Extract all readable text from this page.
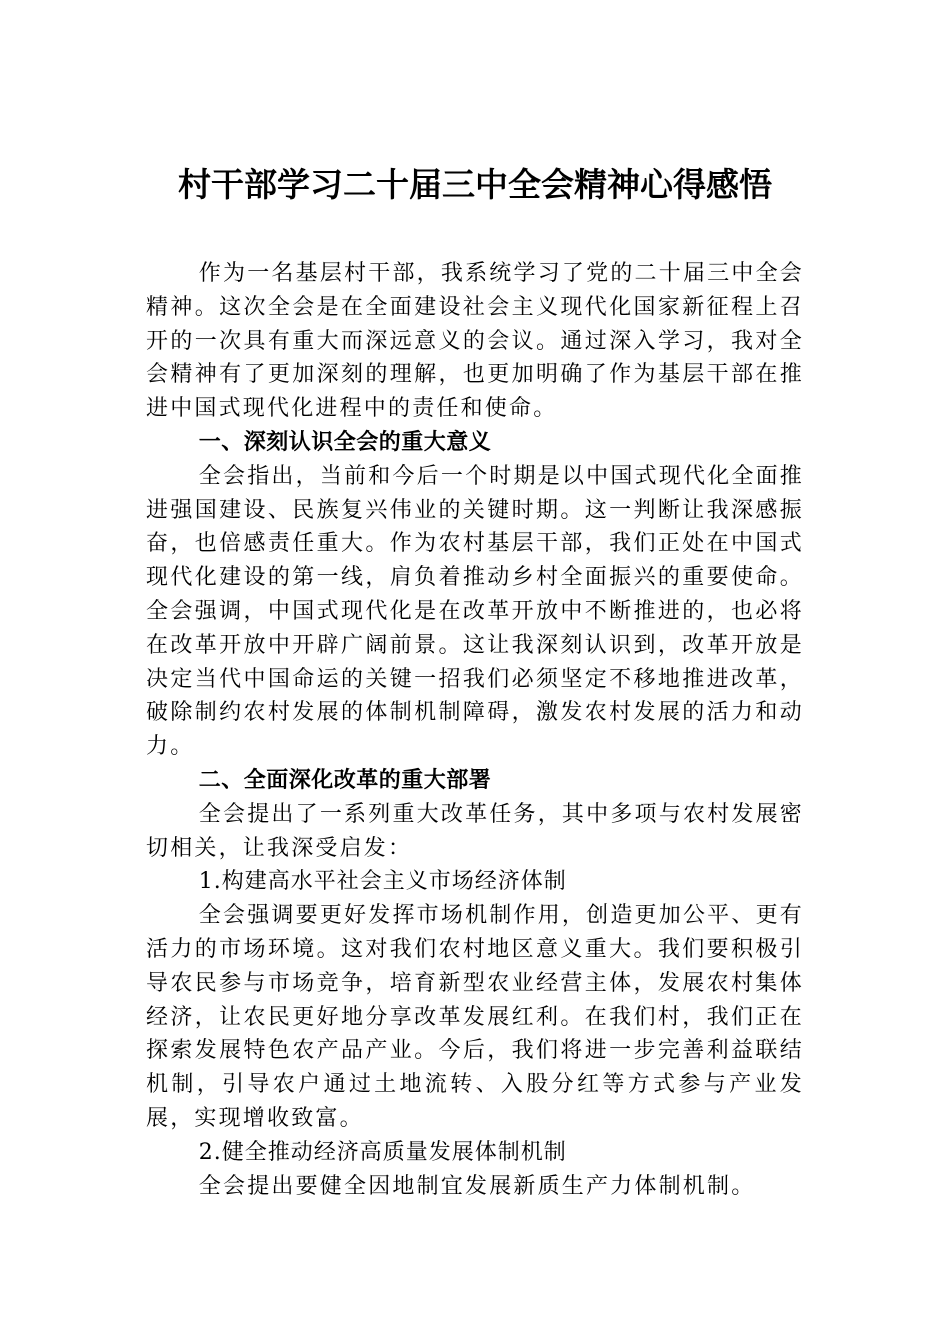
村干部学习二十届三中全会精神心得感悟

作为一名基层村干部，我系统学习了党的二十届三中全会精神。这次全会是在全面建设社会主义现代化国家新征程上召开的一次具有重大而深远意义的会议。通过深入学习，我对全会精神有了更加深刻的理解，也更加明确了作为基层干部在推进中国式现代化进程中的责任和使命。

一、深刻认识全会的重大意义

全会指出，当前和今后一个时期是以中国式现代化全面推进强国建设、民族复兴伟业的关键时期。这一判断让我深感振奋，也倍感责任重大。作为农村基层干部，我们正处在中国式现代化建设的第一线，肩负着推动乡村全面振兴的重要使命。全会强调，中国式现代化是在改革开放中不断推进的，也必将在改革开放中开辟广阔前景。这让我深刻认识到，改革开放是决定当代中国命运的关键一招我们必须坚定不移地推进改革，破除制约农村发展的体制机制障碍，激发农村发展的活力和动力。

二、全面深化改革的重大部署

全会提出了一系列重大改革任务，其中多项与农村发展密切相关，让我深受启发：

1.构建高水平社会主义市场经济体制

全会强调要更好发挥市场机制作用，创造更加公平、更有活力的市场环境。这对我们农村地区意义重大。我们要积极引导农民参与市场竞争，培育新型农业经营主体，发展农村集体经济，让农民更好地分享改革发展红利。在我们村，我们正在探索发展特色农产品产业。今后，我们将进一步完善利益联结机制，引导农户通过土地流转、入股分红等方式参与产业发展，实现增收致富。

2.健全推动经济高质量发展体制机制

全会提出要健全因地制宜发展新质生产力体制机制。
